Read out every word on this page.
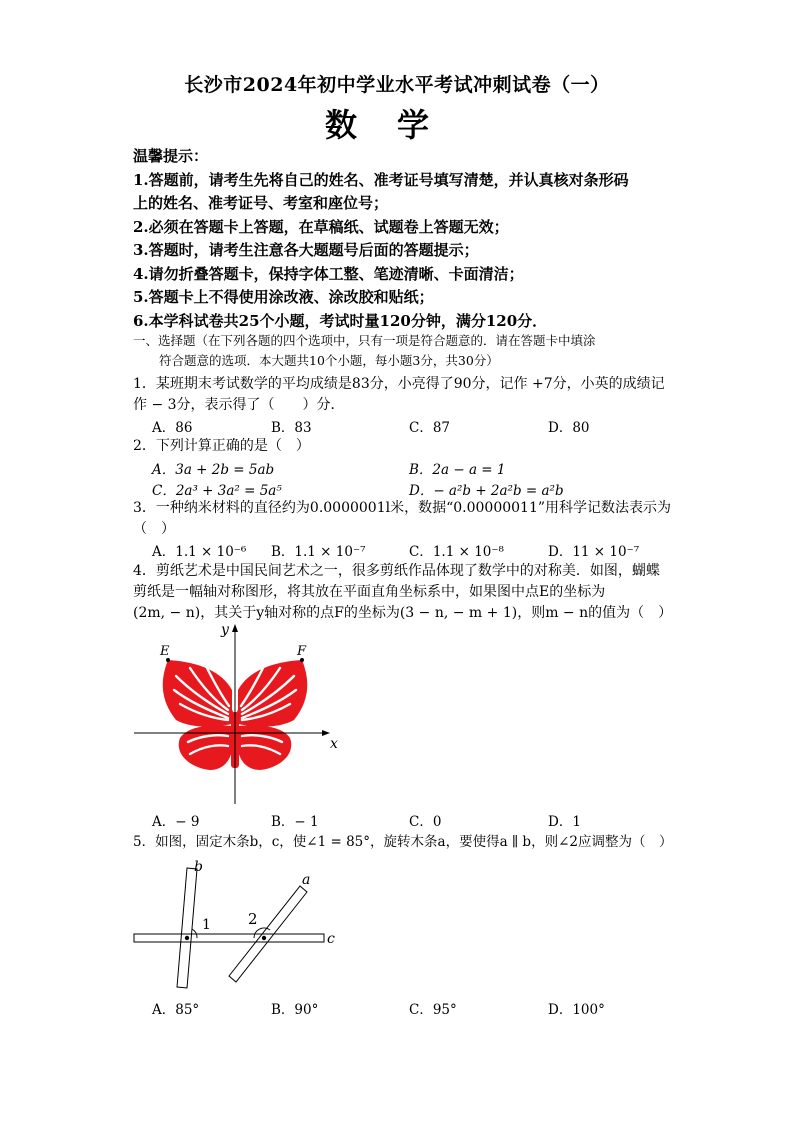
长沙市2024年初中学业水平考试冲刺试卷（一）
数学
温馨提示：
1.答题前，请考生先将自己的姓名、准考证号填写清楚，并认真核对条形码
上的姓名、准考证号、考室和座位号；
2.必须在答题卡上答题，在草稿纸、试题卷上答题无效；
3.答题时，请考生注意各大题题号后面的答题提示；
4.请勿折叠答题卡，保持字体工整、笔迹清晰、卡面清洁；
5.答题卡上不得使用涂改液、涂改胶和贴纸；
6.本学科试卷共25个小题，考试时量120分钟，满分120分．
一、选择题（在下列各题的四个选项中，只有一项是符合题意的．请在答题卡中填涂
符合题意的选项．本大题共10个小题，每小题3分，共30分）
1．某班期末考试数学的平均成绩是83分，小亮得了90分，记作 +7分，小英的成绩记
作 − 3分，表示得了（　　）分．
A．86	B．83	C．87	D．80
2．下列计算正确的是（　）
A．3a + 2b = 5ab	B．2a − a = 1
C．2a³ + 3a² = 5a⁵	D．− a²b + 2a²b = a²b
3．一种纳米材料的直径约为0.0000001l米，数据“0.00000011”用科学记数法表示为
（　）
A．1.1 × 10⁻⁶ B．1.1 × 10⁻⁷	C．1.1 × 10⁻⁸	D．11 × 10⁻⁷
4．剪纸艺术是中国民间艺术之一，很多剪纸作品体现了数学中的对称美．如图，蝴蝶
剪纸是一幅轴对称图形，将其放在平面直角坐标系中，如果图中点E的坐标为
(2m, − n)，其关于y轴对称的点F的坐标为(3 − n, − m + 1)，则m − n的值为（　）
E	F
x
y
A．− 9	B．− 1	C．0	D．1
5．如图，固定木条b，c，使∠1 = 85°，旋转木条a，要使得a ∥ b，则∠2应调整为（　）
b
a
c
1 2
A．85°	B．90°	C．95°	D．100°
